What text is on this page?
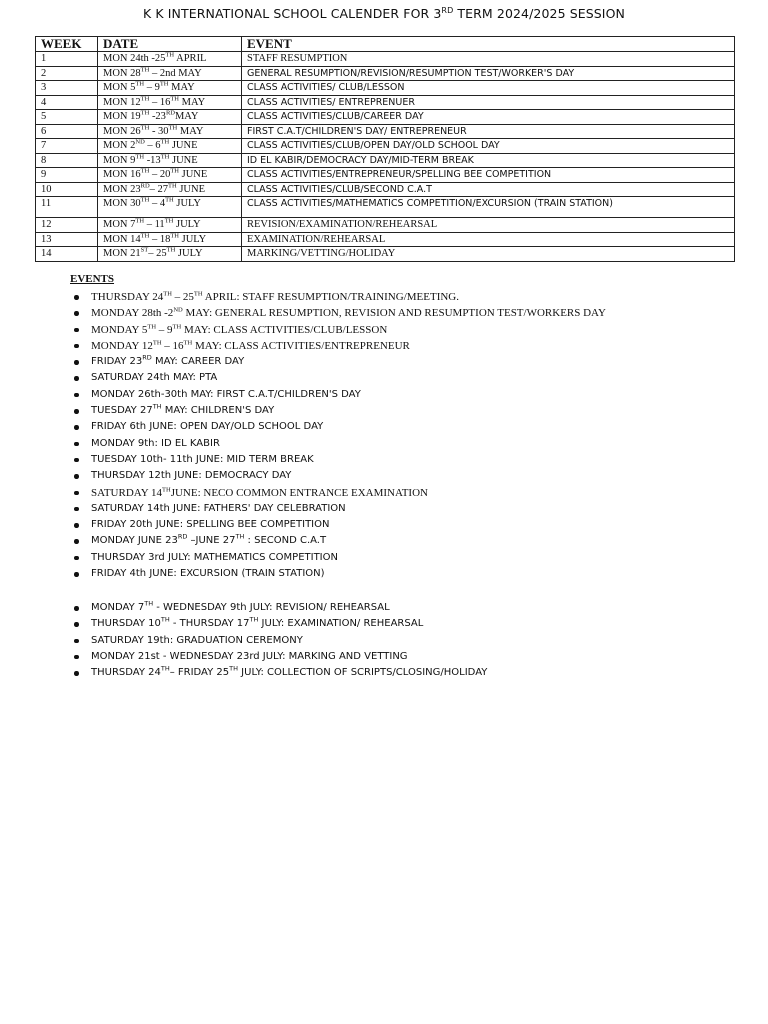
K K INTERNATIONAL SCHOOL CALENDER FOR 3RD TERM 2024/2025 SESSION
WEEK	DATE	EVENT
1	MON 24th -25TH APRIL	STAFF RESUMPTION
2	MON 28TH – 2nd MAY	GENERAL RESUMPTION/REVISION/RESUMPTION TEST/WORKER'S DAY
3	MON 5TH – 9TH MAY	CLASS ACTIVITIES/ CLUB/LESSON
4	MON 12TH – 16TH MAY	CLASS ACTIVITIES/ ENTREPRENUER
5	MON 19TH -23RDMAY	CLASS ACTIVITIES/CLUB/CAREER DAY
6	MON 26TH - 30TH MAY	FIRST C.A.T/CHILDREN'S DAY/ ENTREPRENEUR
7	MON 2ND – 6TH JUNE	CLASS ACTIVITIES/CLUB/OPEN DAY/OLD SCHOOL DAY
8	MON 9TH -13TH JUNE	ID EL KABIR/DEMOCRACY DAY/MID-TERM BREAK
9	MON 16TH – 20TH JUNE	CLASS ACTIVITIES/ENTREPRENEUR/SPELLING BEE COMPETITION
10	MON 23RD– 27TH JUNE	CLASS ACTIVITIES/CLUB/SECOND C.A.T
11	MON 30TH – 4TH JULY	CLASS ACTIVITIES/MATHEMATICS COMPETITION/EXCURSION (TRAIN STATION)
12	MON 7TH – 11TH JULY	REVISION/EXAMINATION/REHEARSAL
13	MON 14TH – 18TH JULY	EXAMINATION/REHEARSAL
14	MON 21ST– 25TH JULY	MARKING/VETTING/HOLIDAY
EVENTS
THURSDAY 24TH – 25TH APRIL: STAFF RESUMPTION/TRAINING/MEETING.
MONDAY 28th -2ND MAY: GENERAL RESUMPTION, REVISION AND RESUMPTION TEST/WORKERS DAY
MONDAY 5TH – 9TH MAY: CLASS ACTIVITIES/CLUB/LESSON
MONDAY 12TH – 16TH MAY: CLASS ACTIVITIES/ENTREPRENEUR
FRIDAY 23RD MAY: CAREER DAY
SATURDAY 24th MAY: PTA
MONDAY 26th-30th MAY: FIRST C.A.T/CHILDREN'S DAY
TUESDAY 27TH MAY: CHILDREN'S DAY
FRIDAY 6th JUNE: OPEN DAY/OLD SCHOOL DAY
MONDAY 9th: ID EL KABIR
TUESDAY 10th- 11th JUNE: MID TERM BREAK
THURSDAY 12th JUNE: DEMOCRACY DAY
SATURDAY 14THJUNE: NECO COMMON ENTRANCE EXAMINATION
SATURDAY 14th JUNE: FATHERS' DAY CELEBRATION
FRIDAY 20th JUNE: SPELLING BEE COMPETITION
MONDAY JUNE 23RD –JUNE 27TH : SECOND C.A.T
THURSDAY 3rd JULY: MATHEMATICS COMPETITION
FRIDAY 4th JUNE: EXCURSION (TRAIN STATION)
MONDAY 7TH - WEDNESDAY 9th JULY: REVISION/ REHEARSAL
THURSDAY 10TH - THURSDAY 17TH JULY: EXAMINATION/ REHEARSAL
SATURDAY 19th: GRADUATION CEREMONY
MONDAY 21st - WEDNESDAY 23rd JULY: MARKING AND VETTING
THURSDAY 24TH– FRIDAY 25TH JULY: COLLECTION OF SCRIPTS/CLOSING/HOLIDAY
